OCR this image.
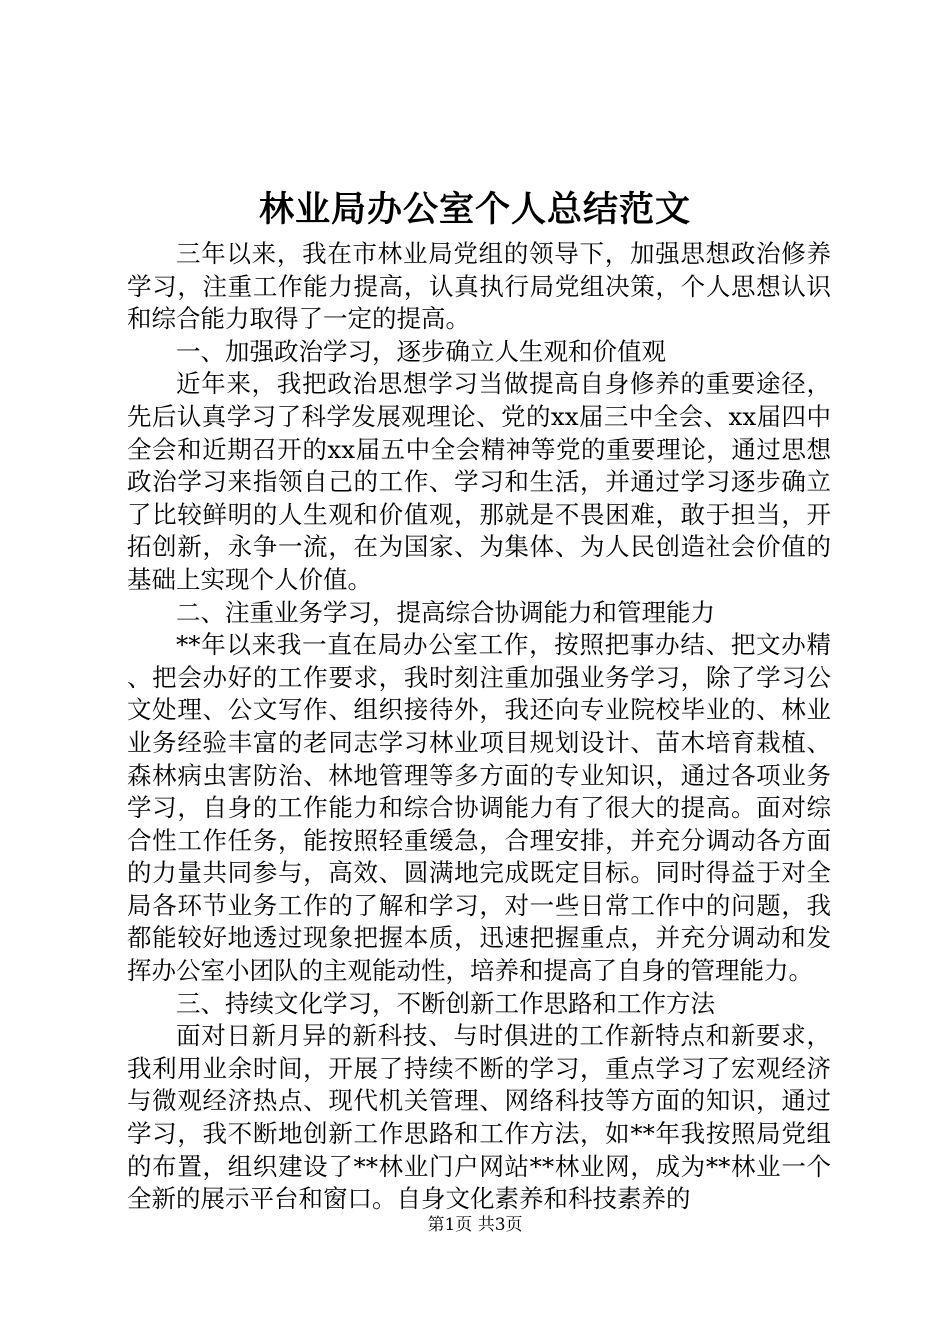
林业局办公室个人总结范文

三年以来，我在市林业局党组的领导下，加强思想政治修养学习，注重工作能力提高，认真执行局党组决策，个人思想认识和综合能力取得了一定的提高。

一、加强政治学习，逐步确立人生观和价值观

近年来，我把政治思想学习当做提高自身修养的重要途径，先后认真学习了科学发展观理论、党的xx届三中全会、xx届四中全会和近期召开的xx届五中全会精神等党的重要理论，通过思想政治学习来指领自己的工作、学习和生活，并通过学习逐步确立了比较鲜明的人生观和价值观，那就是不畏困难，敢于担当，开拓创新，永争一流，在为国家、为集体、为人民创造社会价值的基础上实现个人价值。

二、注重业务学习，提高综合协调能力和管理能力

**年以来我一直在局办公室工作，按照把事办结、把文办精、把会办好的工作要求，我时刻注重加强业务学习，除了学习公文处理、公文写作、组织接待外，我还向专业院校毕业的、林业业务经验丰富的老同志学习林业项目规划设计、苗木培育栽植、森林病虫害防治、林地管理等多方面的专业知识，通过各项业务学习，自身的工作能力和综合协调能力有了很大的提高。面对综合性工作任务，能按照轻重缓急，合理安排，并充分调动各方面的力量共同参与，高效、圆满地完成既定目标。同时得益于对全局各环节业务工作的了解和学习，对一些日常工作中的问题，我都能较好地透过现象把握本质，迅速把握重点，并充分调动和发挥办公室小团队的主观能动性，培养和提高了自身的管理能力。

三、持续文化学习，不断创新工作思路和工作方法

面对日新月异的新科技、与时俱进的工作新特点和新要求，我利用业余时间，开展了持续不断的学习，重点学习了宏观经济与微观经济热点、现代机关管理、网络科技等方面的知识，通过学习，我不断地创新工作思路和工作方法，如**年我按照局党组的布置，组织建设了**林业门户网站**林业网，成为**林业一个全新的展示平台和窗口。自身文化素养和科技素养的

第1页 共3页
